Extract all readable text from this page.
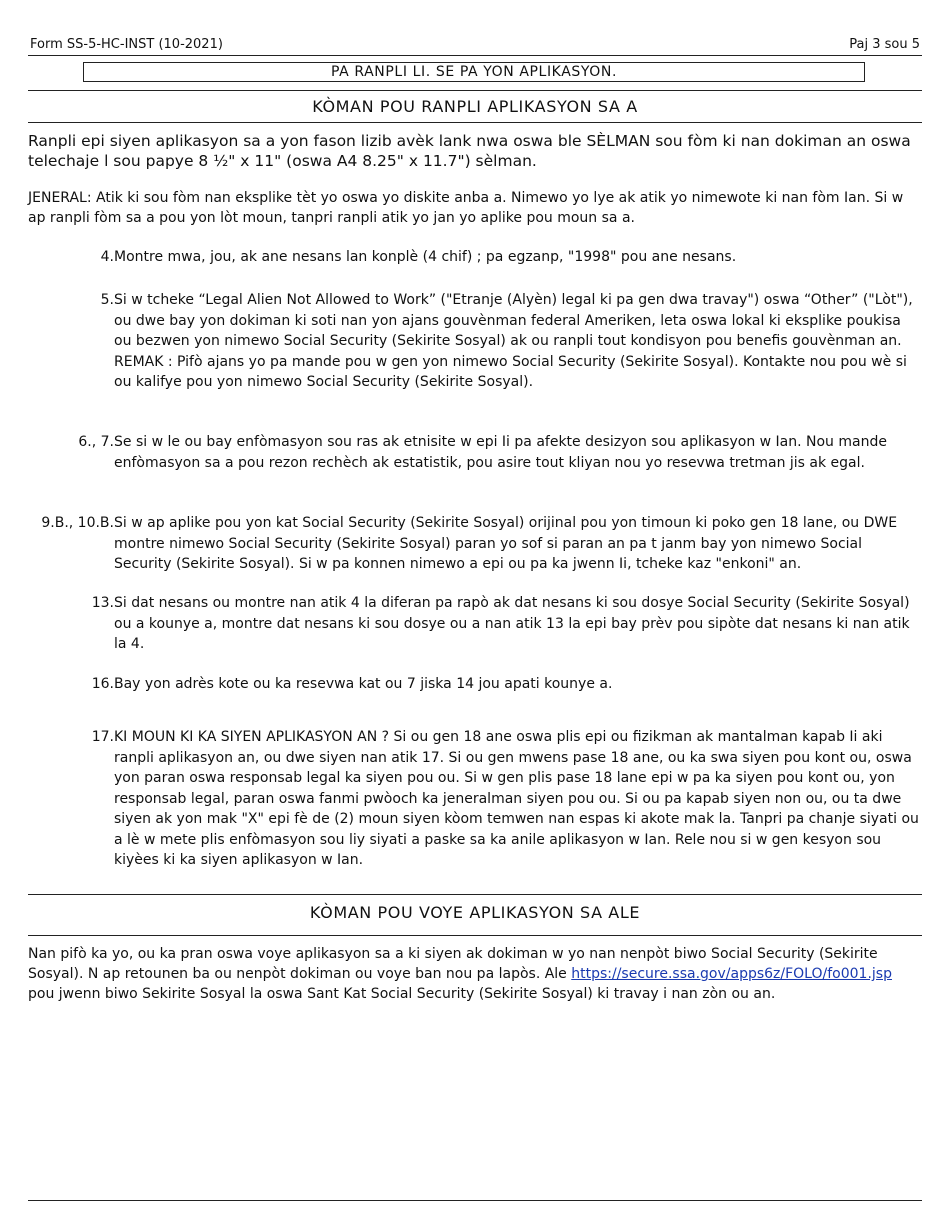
Form SS-5-HC-INST (10-2021)	Paj 3 sou 5
PA RANPLI LI. SE PA YON APLIKASYON.
KÒMAN POU RANPLI APLIKASYON SA A
Ranpli epi siyen aplikasyon sa a yon fason lizib avèk lank nwa oswa ble SÈLMAN sou fòm ki nan dokiman an oswa telechaje l sou papye 8 ½" x 11" (oswa A4 8.25" x 11.7") sèlman.
JENERAL: Atik ki sou fòm nan eksplike tèt yo oswa yo diskite anba a. Nimewo yo lye ak atik yo nimewote ki nan fòm Ian. Si w ap ranpli fòm sa a pou yon lòt moun, tanpri ranpli atik yo jan yo aplike pou moun sa a.
4. Montre mwa, jou, ak ane nesans lan konplè (4 chif) ; pa egzanp, "1998" pou ane nesans.
5. Si w tcheke “Legal Alien Not Allowed to Work” ("Etranje (Alyèn) legal ki pa gen dwa travay") oswa “Other” ("Lòt"), ou dwe bay yon dokiman ki soti nan yon ajans gouvènman federal Ameriken, leta oswa lokal ki eksplike poukisa ou bezwen yon nimewo Social Security (Sekirite Sosyal) ak ou ranpli tout kondisyon pou benefis gouvènman an. REMAK : Pifò ajans yo pa mande pou w gen yon nimewo Social Security (Sekirite Sosyal). Kontakte nou pou wè si ou kalifye pou yon nimewo Social Security (Sekirite Sosyal).
6., 7. Se si w le ou bay enfòmasyon sou ras ak etnisite w epi Ii pa afekte desizyon sou aplikasyon w Ian. Nou mande enfòmasyon sa a pou rezon rechèch ak estatistik, pou asire tout kliyan nou yo resevwa tretman jis ak egal.
9.B., 10.B. Si w ap aplike pou yon kat Social Security (Sekirite Sosyal) orijinal pou yon timoun ki poko gen 18 lane, ou DWE montre nimewo Social Security (Sekirite Sosyal) paran yo sof si paran an pa t janm bay yon nimewo Social Security (Sekirite Sosyal). Si w pa konnen nimewo a epi ou pa ka jwenn Ii, tcheke kaz "enkoni" an.
13. Si dat nesans ou montre nan atik 4 la diferan pa rapò ak dat nesans ki sou dosye Social Security (Sekirite Sosyal) ou a kounye a, montre dat nesans ki sou dosye ou a nan atik 13 la epi bay prèv pou sipòte dat nesans ki nan atik la 4.
16. Bay yon adrès kote ou ka resevwa kat ou 7 jiska 14 jou apati kounye a.
17. KI MOUN KI KA SIYEN APLIKASYON AN ? Si ou gen 18 ane oswa plis epi ou fizikman ak mantalman kapab Ii aki ranpli aplikasyon an, ou dwe siyen nan atik 17. Si ou gen mwens pase 18 ane, ou ka swa siyen pou kont ou, oswa yon paran oswa responsab legal ka siyen pou ou. Si w gen plis pase 18 lane epi w pa ka siyen pou kont ou, yon responsab legal, paran oswa fanmi pwòoch ka jeneralman siyen pou ou. Si ou pa kapab siyen non ou, ou ta dwe siyen ak yon mak "X" epi fè de (2) moun siyen kòom temwen nan espas ki akote mak la. Tanpri pa chanje siyati ou a lè w mete plis enfòmasyon sou liy siyati a paske sa ka anile aplikasyon w Ian. Rele nou si w gen kesyon sou kiyèes ki ka siyen aplikasyon w Ian.
KÒMAN POU VOYE APLIKASYON SA ALE
Nan pifò ka yo, ou ka pran oswa voye aplikasyon sa a ki siyen ak dokiman w yo nan nenpòt biwo Social Security (Sekirite Sosyal). N ap retounen ba ou nenpòt dokiman ou voye ban nou pa lapòs. Ale https://secure.ssa.gov/apps6z/FOLO/fo001.jsp pou jwenn biwo Sekirite Sosyal la oswa Sant Kat Social Security (Sekirite Sosyal) ki travay i nan zòn ou an.
